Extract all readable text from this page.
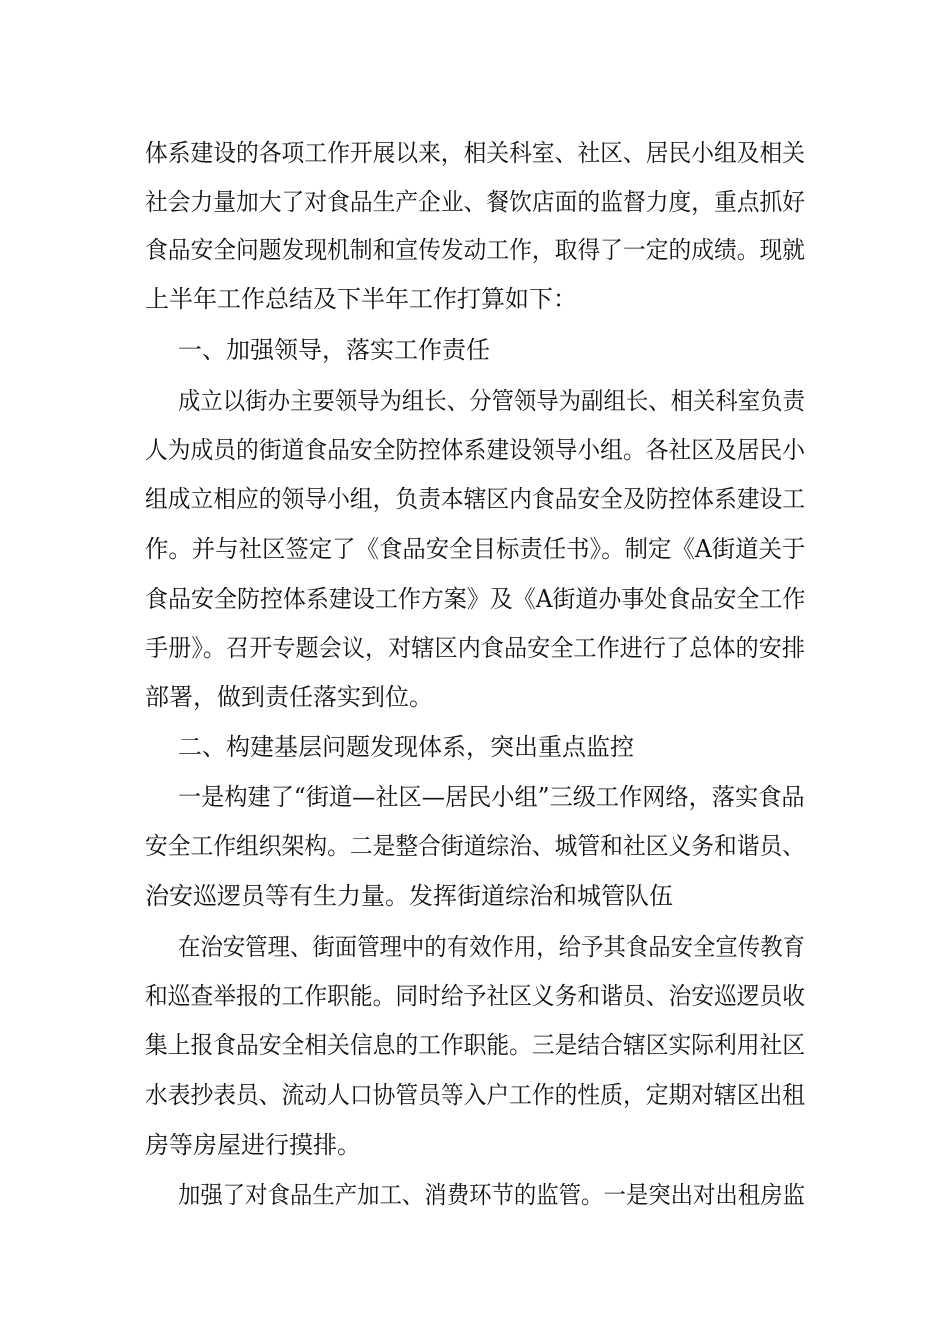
体系建设的各项工作开展以来，相关科室、社区、居民小组及相关
社会力量加大了对食品生产企业、餐饮店面的监督力度，重点抓好
食品安全问题发现机制和宣传发动工作，取得了一定的成绩。现就
上半年工作总结及下半年工作打算如下：
一、加强领导，落实工作责任
成立以街办主要领导为组长、分管领导为副组长、相关科室负责
人为成员的街道食品安全防控体系建设领导小组。各社区及居民小
组成立相应的领导小组，负责本辖区内食品安全及防控体系建设工
作。并与社区签定了《食品安全目标责任书》。制定《A街道关于
食品安全防控体系建设工作方案》及《A街道办事处食品安全工作
手册》。召开专题会议，对辖区内食品安全工作进行了总体的安排
部署，做到责任落实到位。
二、构建基层问题发现体系，突出重点监控
一是构建了“街道—社区—居民小组”三级工作网络，落实食品
安全工作组织架构。二是整合街道综治、城管和社区义务和谐员、
治安巡逻员等有生力量。发挥街道综治和城管队伍
在治安管理、街面管理中的有效作用，给予其食品安全宣传教育
和巡查举报的工作职能。同时给予社区义务和谐员、治安巡逻员收
集上报食品安全相关信息的工作职能。三是结合辖区实际利用社区
水表抄表员、流动人口协管员等入户工作的性质，定期对辖区出租
房等房屋进行摸排。
加强了对食品生产加工、消费环节的监管。一是突出对出租房监
